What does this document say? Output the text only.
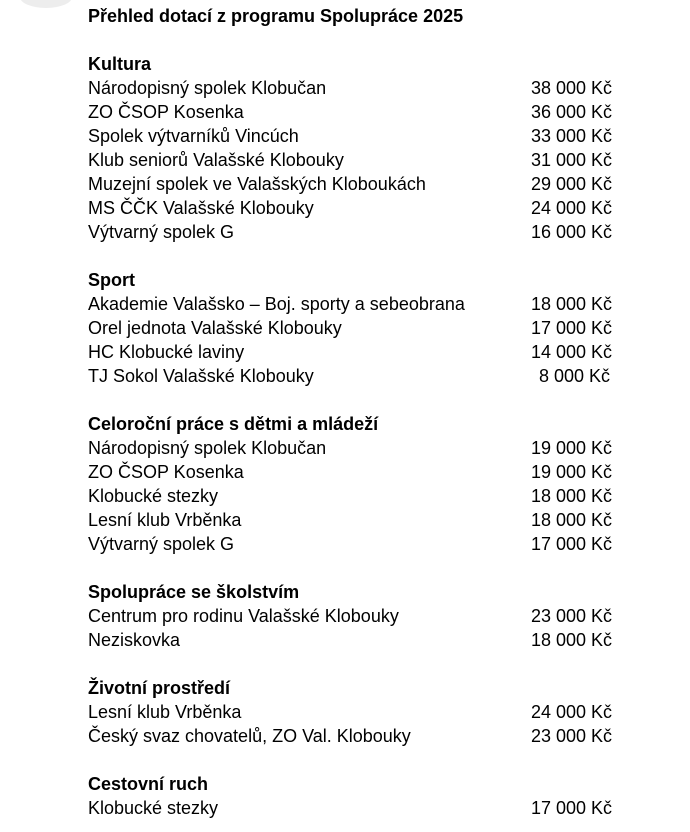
Přehled dotací z programu Spolupráce 2025
Kultura
Národopisný spolek Klobučan	38 000 Kč
ZO ČSOP Kosenka	36 000 Kč
Spolek výtvarníků Vincúch	33 000 Kč
Klub seniorů Valašské Klobouky	31 000 Kč
Muzejní spolek ve Valašských Kloboukách	29 000 Kč
MS ČČK Valašské Klobouky	24 000 Kč
Výtvarný spolek G	16 000 Kč
Sport
Akademie Valašsko – Boj. sporty a sebeobrana	18 000 Kč
Orel jednota Valašské Klobouky	17 000 Kč
HC Klobucké laviny	14 000 Kč
TJ Sokol Valašské Klobouky	8 000 Kč
Celoroční práce s dětmi a mládeží
Národopisný spolek Klobučan	19 000 Kč
ZO ČSOP Kosenka	19 000 Kč
Klobucké stezky	18 000 Kč
Lesní klub Vrběnka	18 000 Kč
Výtvarný spolek G	17 000 Kč
Spolupráce se školstvím
Centrum pro rodinu Valašské Klobouky	23 000 Kč
Neziskovka	18 000 Kč
Životní prostředí
Lesní klub Vrběnka	24 000 Kč
Český svaz chovatelů, ZO Val. Klobouky	23 000 Kč
Cestovní ruch
Klobucké stezky	17 000 Kč
